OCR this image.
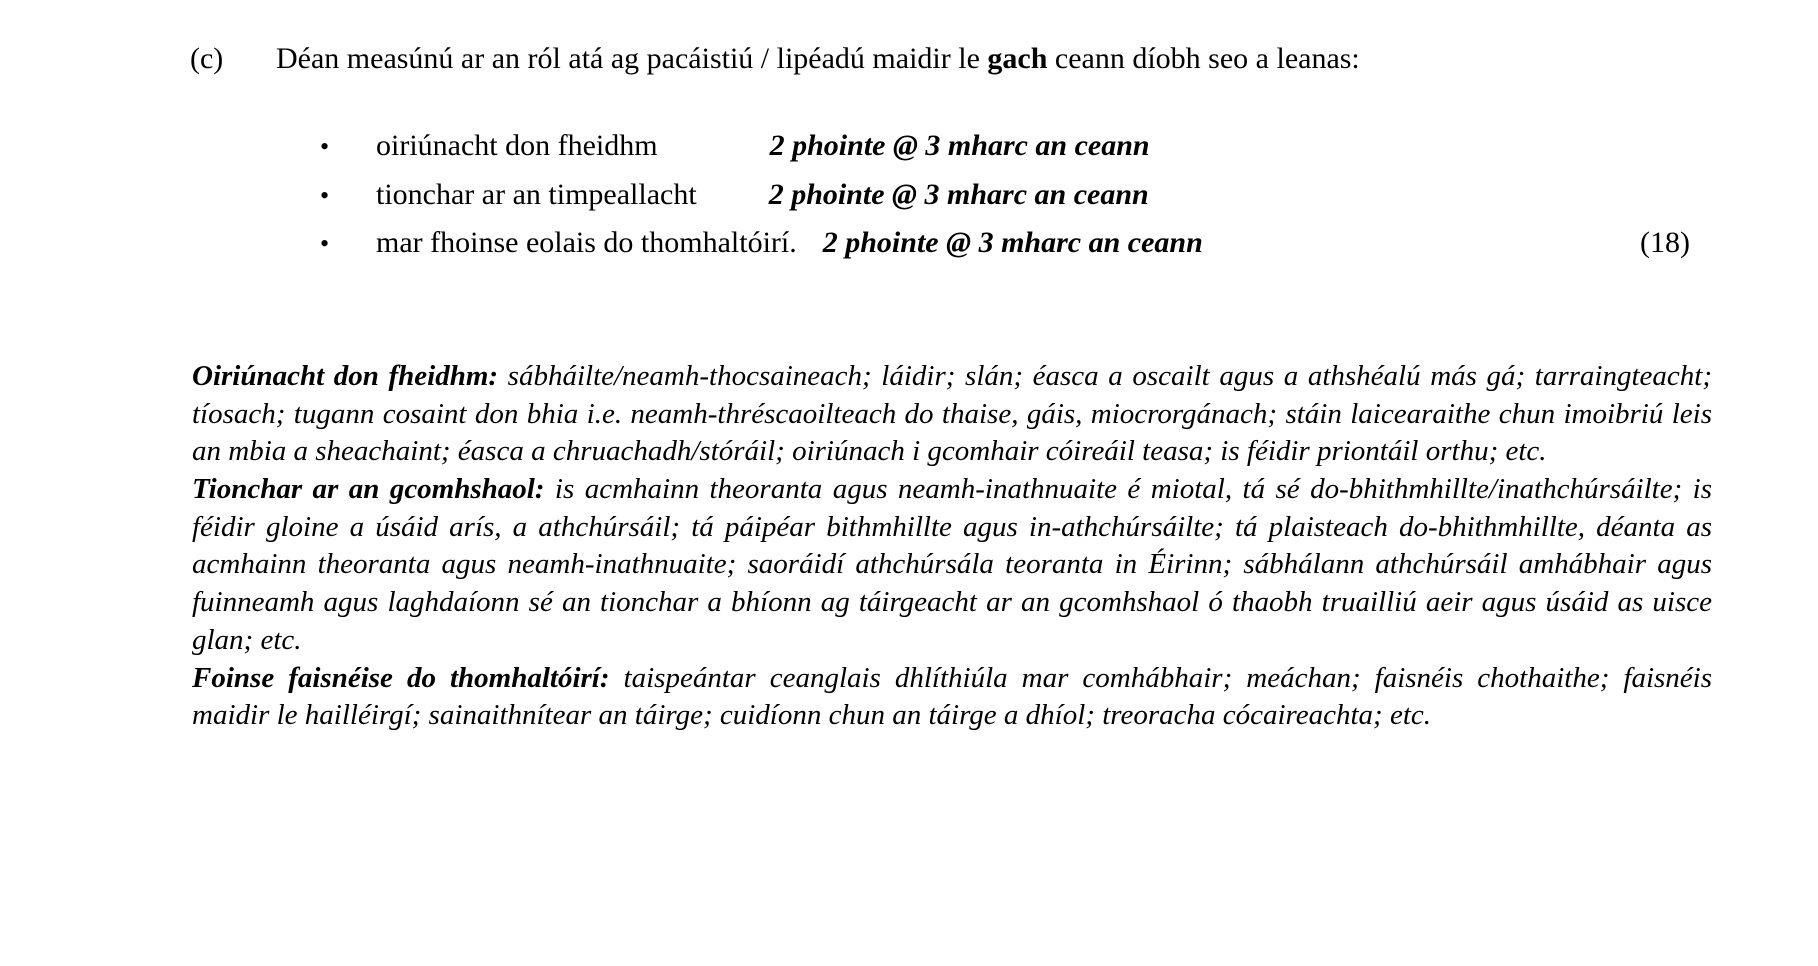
(c)	Déan measúnú ar an ról atá ag pacáistiú / lipéadú maidir le gach ceann díobh seo a leanas:
•	oiriúnacht don fheidhm	2 phointe @ 3 mharc an ceann
•	tionchar ar an timpeallacht 2 phointe @ 3 mharc an ceann
•	mar fhoinse eolais do thomhaltóirí. 2 phointe @ 3 mharc an ceann	(18)

Oiriúnacht don fheidhm: sábháilte/neamh-thocsaineach; láidir; slán; éasca a oscailt agus a athshéalú más gá; tarraingteacht; tíosach; tugann cosaint don bhia i.e. neamh-thréscaoilteach do thaise, gáis, miocrorgánach; stáin laicearaithe chun imoibriú leis an mbia a sheachaint; éasca a chruachadh/stóráil; oiriúnach i gcomhair cóireáil teasa; is féidir priontáil orthu; etc.

Tionchar ar an gcomhshaol: is acmhainn theoranta agus neamh-inathnuaite é miotal, tá sé do-bhithmhillte/inathchúrsáilte; is féidir gloine a úsáid arís, a athchúrsáil; tá páipéar bithmhillte agus in-athchúrsáilte; tá plaisteach do-bhithmhillte, déanta as acmhainn theoranta agus neamh-inathnuaite; saoráidí athchúrsála teoranta in Éirinn; sábhálann athchúrsáil amhábhair agus fuinneamh agus laghdaíonn sé an tionchar a bhíonn ag táirgeacht ar an gcomhshaol ó thaobh truailliú aeir agus úsáid as uisce glan; etc.

Foinse faisnéise do thomhaltóirí: taispeántar ceanglais dhlíthiúla mar comhábhair; meáchan; faisnéis chothaithe; faisnéis maidir le hailléirgí; sainaithnítear an táirge; cuidíonn chun an táirge a dhíol; treoracha cócaireachta; etc.
